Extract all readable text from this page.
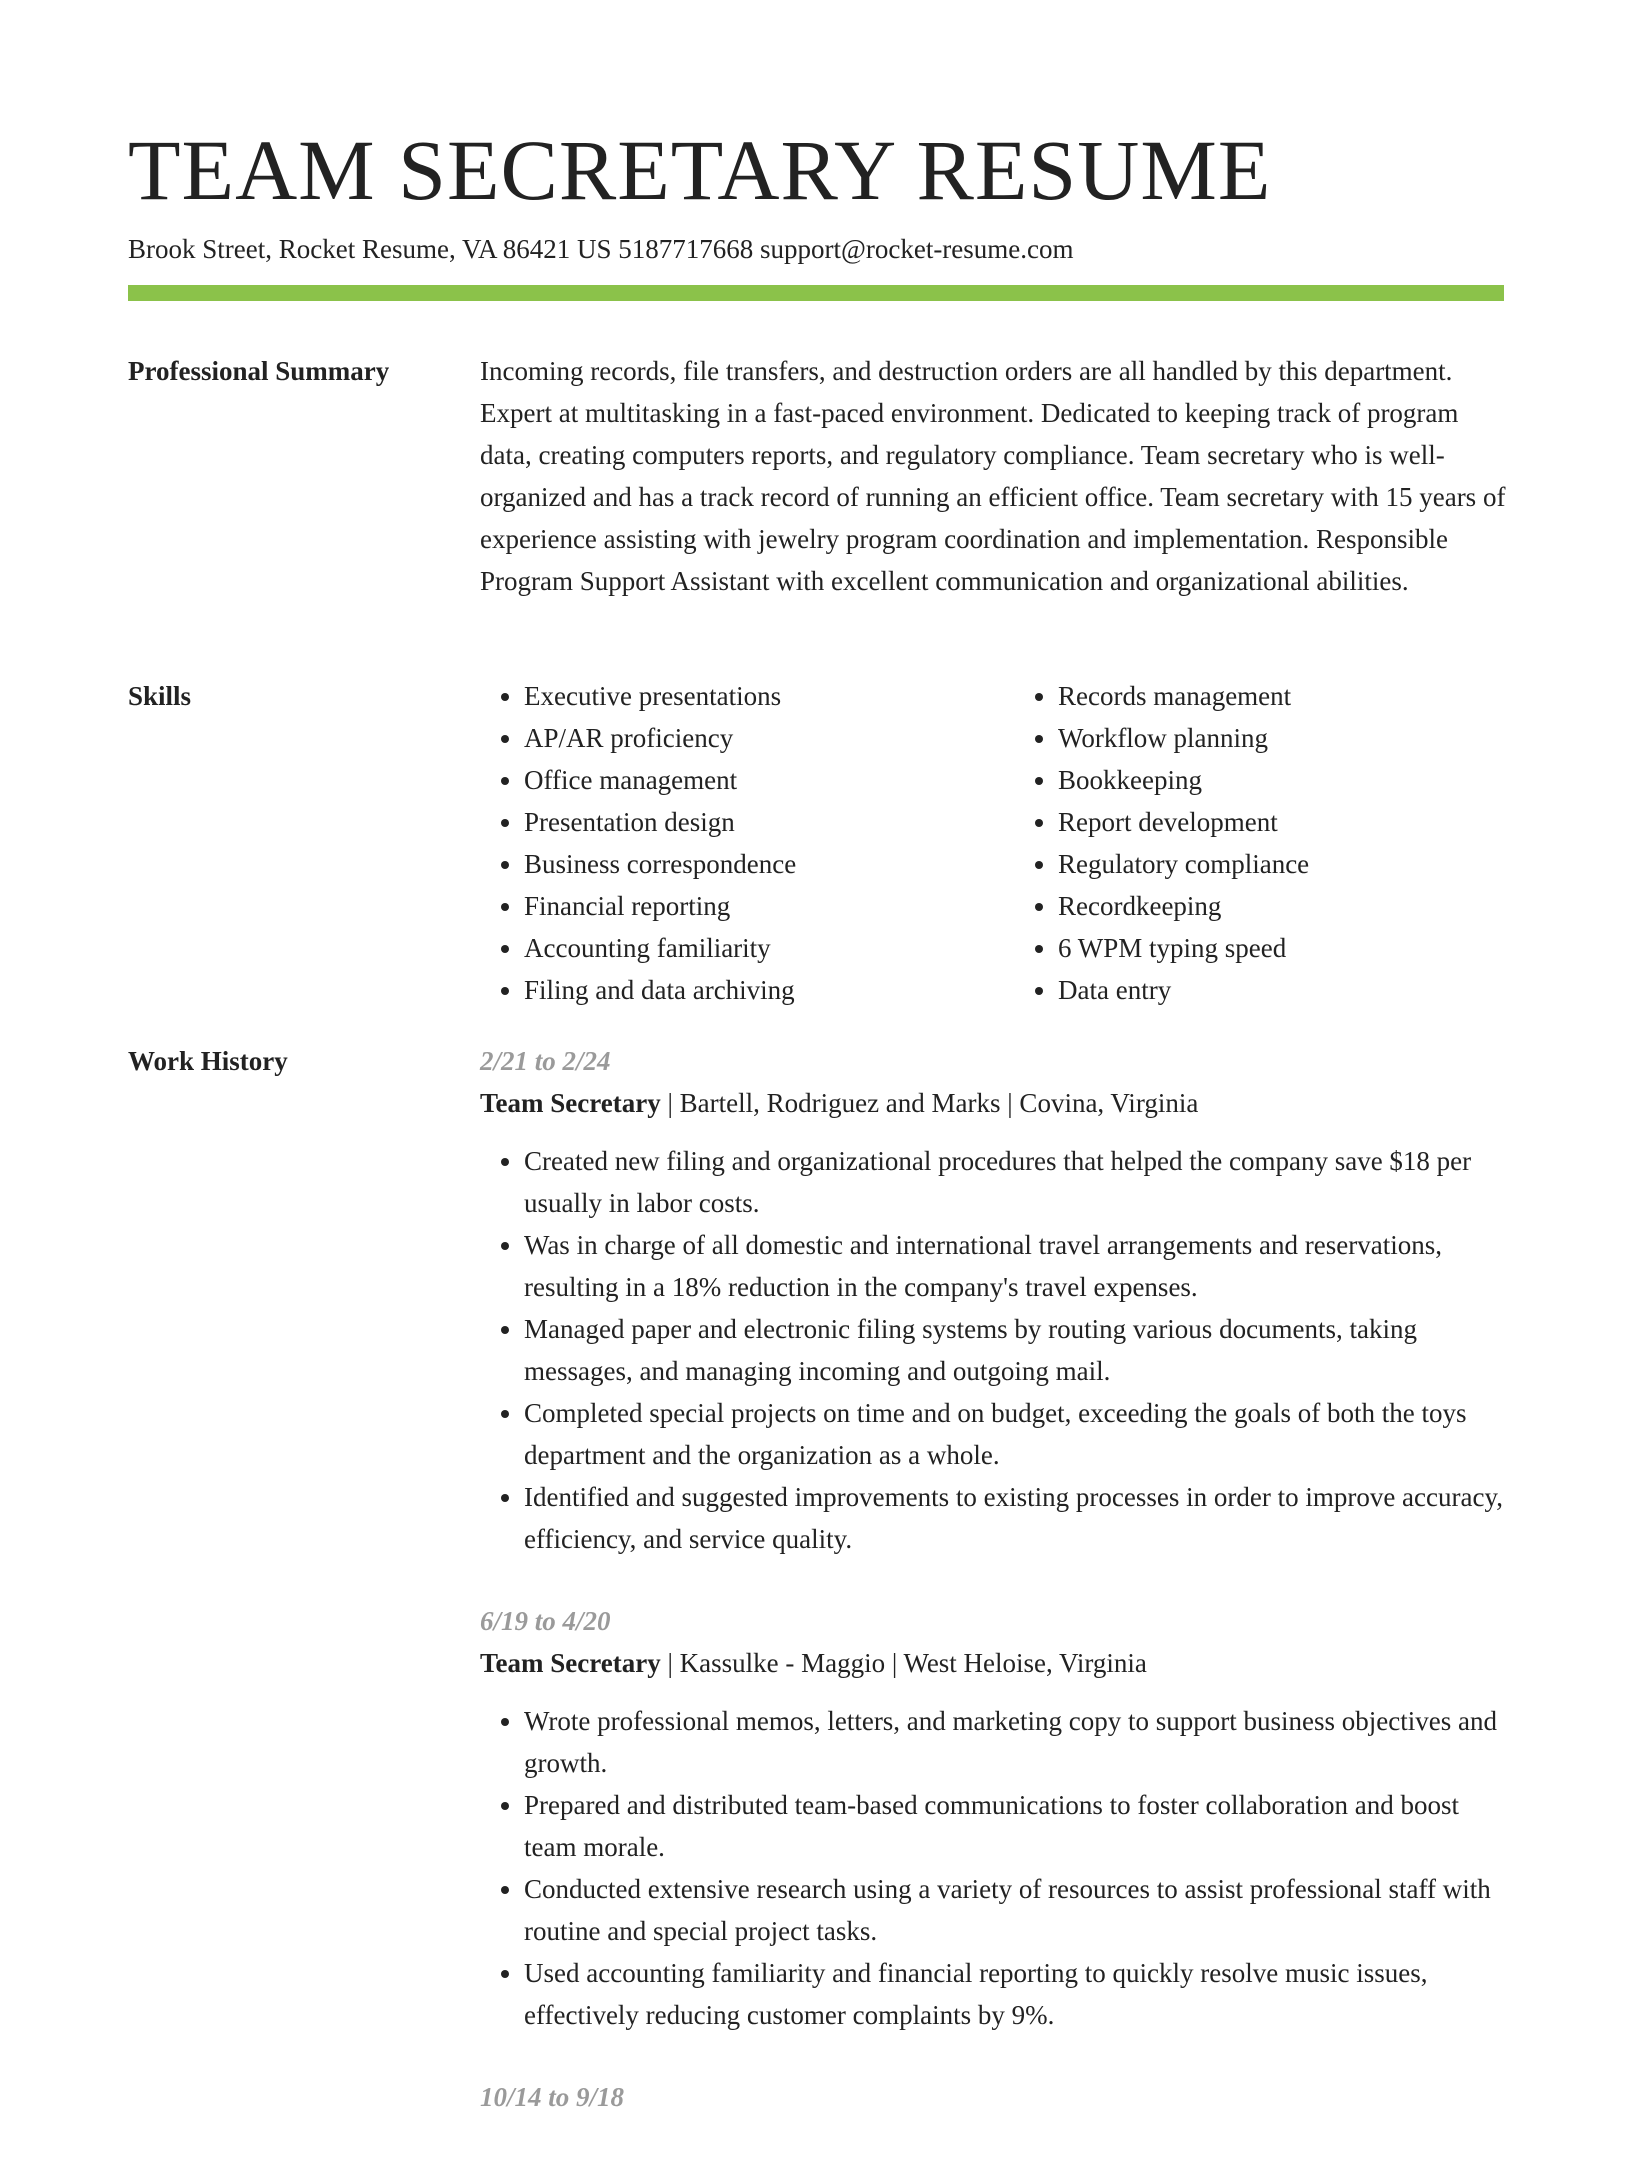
TEAM SECRETARY RESUME
Brook Street, Rocket Resume, VA 86421 US 5187717668 support@rocket-resume.com
Professional Summary	Incoming records, file transfers, and destruction orders are all handled by this department. Expert at multitasking in a fast-paced environment. Dedicated to keeping track of program data, creating computers reports, and regulatory compliance. Team secretary who is well-organized and has a track record of running an efficient office. Team secretary with 15 years of experience assisting with jewelry program coordination and implementation. Responsible Program Support Assistant with excellent communication and organizational abilities.

Skills
•	Executive presentations
• AP/AR proficiency
• Office management
• Presentation design
• Business correspondence
• Financial reporting
• Accounting familiarity
• Filing and data archiving
• Records management
• Workflow planning
• Bookkeeping
• Report development
• Regulatory compliance
• Recordkeeping
• 6 WPM typing speed
• Data entry
Work History	2/21 to 2/24
Team Secretary | Bartell, Rodriguez and Marks | Covina, Virginia
• Created new filing and organizational procedures that helped the company save $18 per usually in labor costs.
• Was in charge of all domestic and international travel arrangements and reservations, resulting in a 18% reduction in the company's travel expenses.
• Managed paper and electronic filing systems by routing various documents, taking messages, and managing incoming and outgoing mail.
• Completed special projects on time and on budget, exceeding the goals of both the toys department and the organization as a whole.
• Identified and suggested improvements to existing processes in order to improve accuracy, efficiency, and service quality.
6/19 to 4/20
Team Secretary | Kassulke - Maggio | West Heloise, Virginia
• Wrote professional memos, letters, and marketing copy to support business objectives and growth.
• Prepared and distributed team-based communications to foster collaboration and boost team morale.
• Conducted extensive research using a variety of resources to assist professional staff with routine and special project tasks.
• Used accounting familiarity and financial reporting to quickly resolve music issues, effectively reducing customer complaints by 9%.
10/14 to 9/18
